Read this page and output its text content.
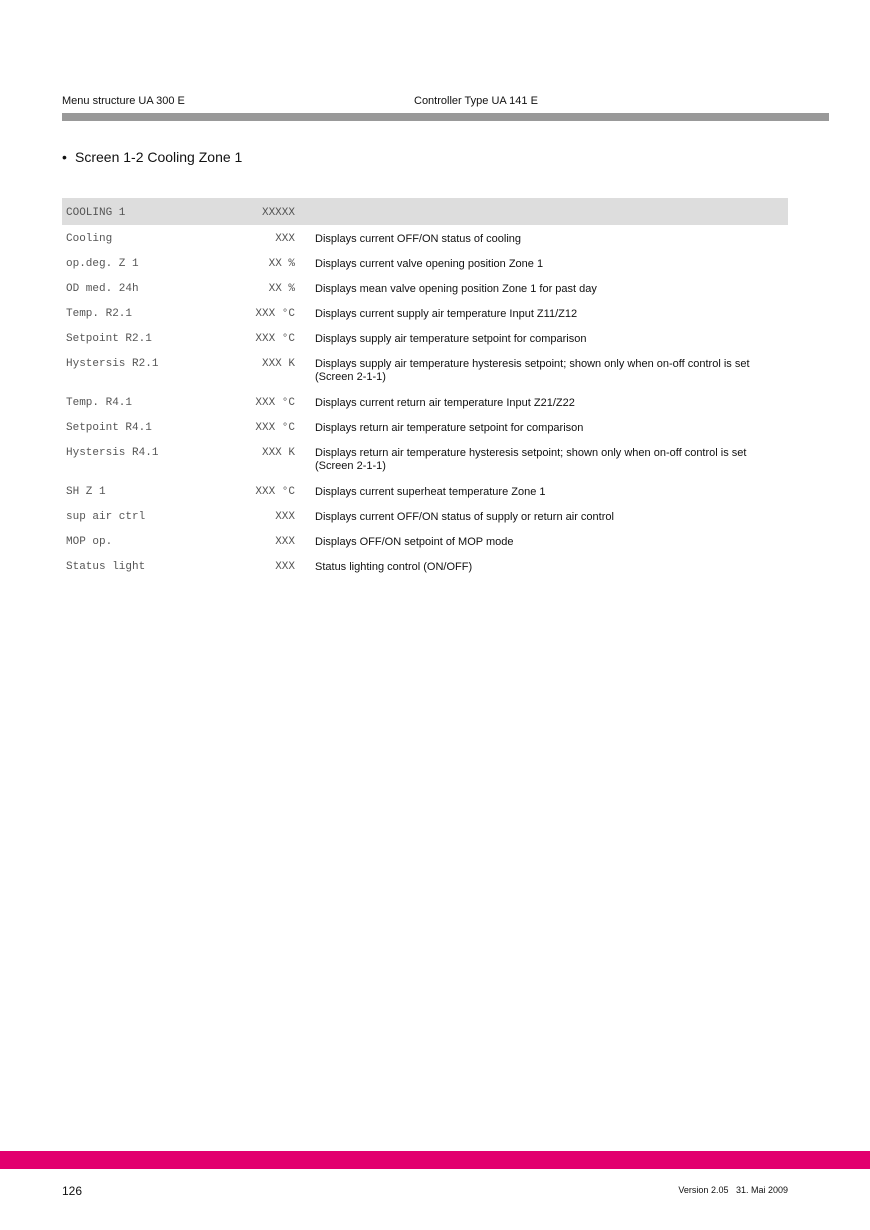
Menu structure UA 300 E	Controller Type UA 141 E
• Screen 1-2 Cooling Zone 1
COOLING 1	XXXXX
Cooling	XXX Displays current OFF/ON status of cooling
op.deg. Z 1	XX % Displays current valve opening position Zone 1
OD med. 24h	XX % Displays mean valve opening position Zone 1 for past day
Temp. R2.1	XXX °C Displays current supply air temperature Input Z11/Z12
Setpoint R2.1	XXX °C Displays supply air temperature setpoint for comparison
Hystersis R2.1	XXX K Displays supply air temperature hysteresis setpoint; shown only when on-off control is set (Screen 2-1-1)
Temp. R4.1	XXX °C Displays current return air temperature Input Z21/Z22
Setpoint R4.1	XXX °C Displays return air temperature setpoint for comparison
Hystersis R4.1	XXX K Displays return air temperature hysteresis setpoint; shown only when on-off control is set (Screen 2-1-1)
SH Z 1	XXX °C Displays current superheat temperature Zone 1
sup air ctrl	XXX Displays current OFF/ON status of supply or return air control
MOP op.	XXX Displays OFF/ON setpoint of MOP mode
Status light	XXX Status lighting control (ON/OFF)
126	Version 2.05   31. Mai 2009
